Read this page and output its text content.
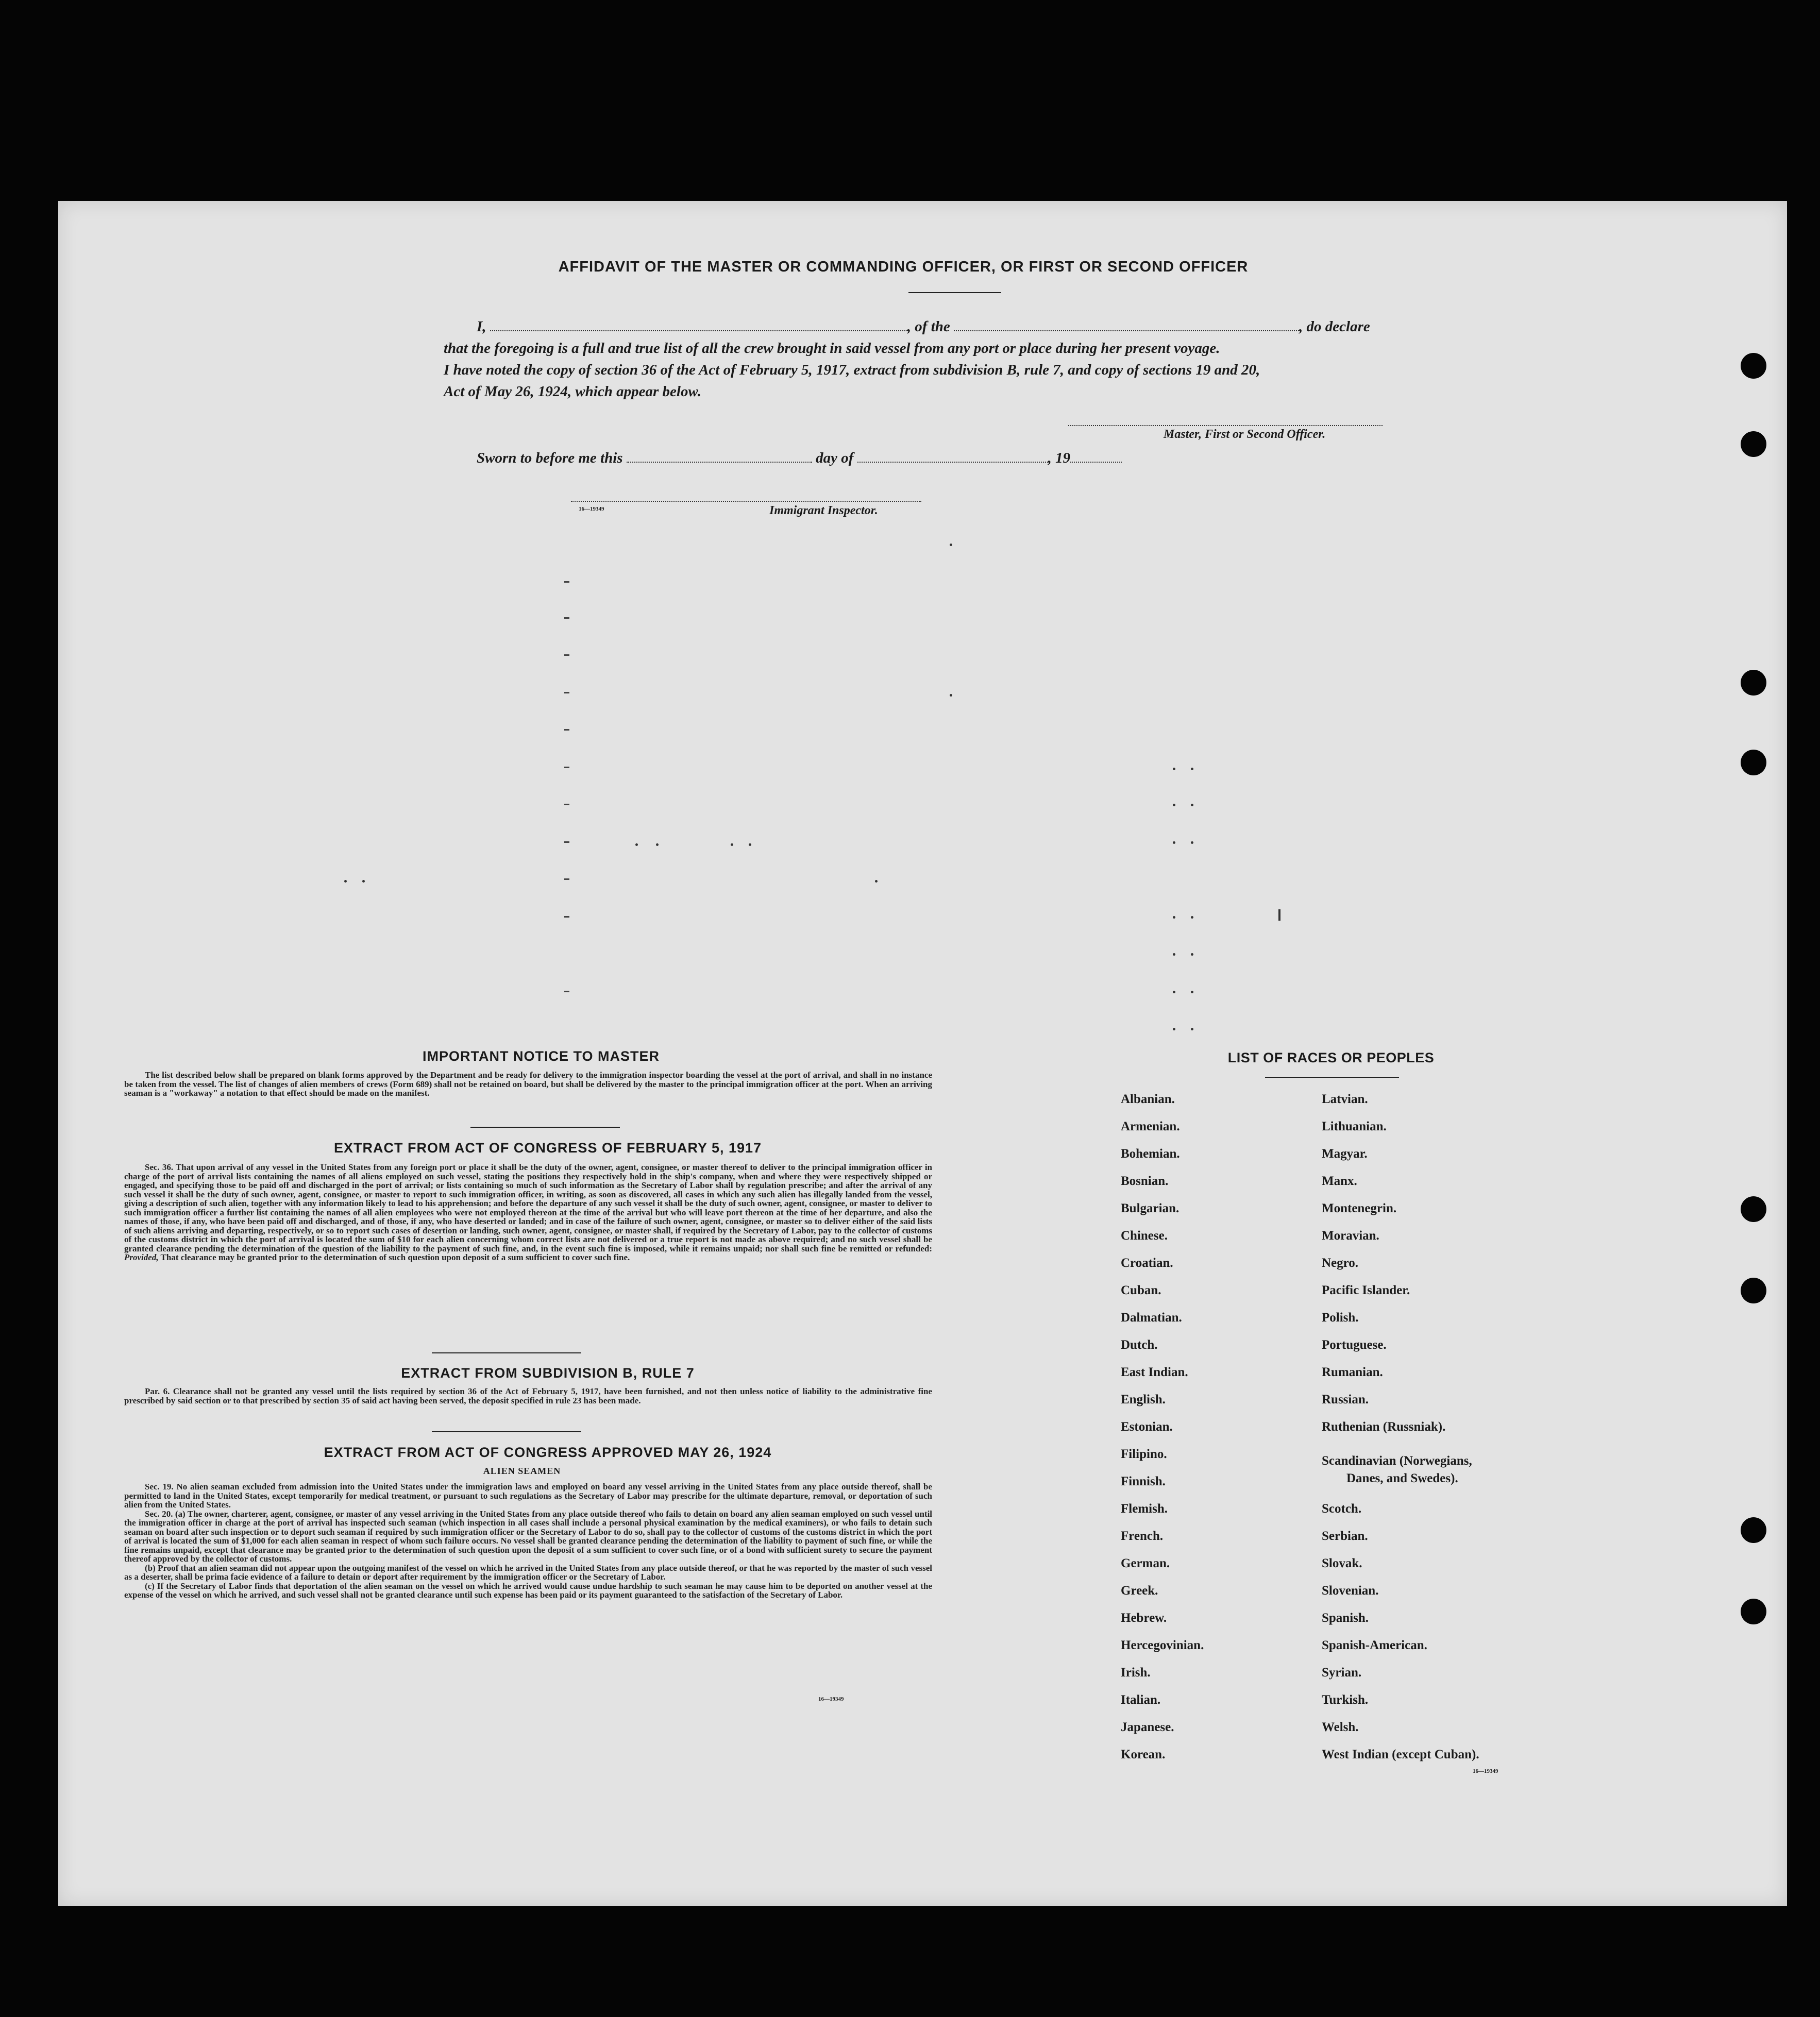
AFFIDAVIT OF THE MASTER OR COMMANDING OFFICER, OR FIRST OR SECOND OFFICER
I,	, of the	, do declare
that the foregoing is a full and true list of all the crew brought in said vessel from any port or place during her present voyage.
I have noted the copy of section 36 of the Act of February 5, 1917, extract from subdivision B, rule 7, and copy of sections 19 and 20,
Act of May 26, 1924, which appear below.
Master, First or Second Officer.
Sworn to before me this	day of	, 19
16—19349	Immigrant Inspector.
IMPORTANT NOTICE TO MASTER

The list described below shall be prepared on blank forms approved by the Department and be ready for delivery to the immigration inspector boarding the vessel at the port of arrival, and shall in no instance be taken from the vessel. The list of changes of alien members of crews (Form 689) shall not be retained on board, but shall be delivered by the master to the principal immigration officer at the port. When an arriving seaman is a "workaway" a notation to that effect should be made on the manifest.

EXTRACT FROM ACT OF CONGRESS OF FEBRUARY 5, 1917

Sec. 36. That upon arrival of any vessel in the United States from any foreign port or place it shall be the duty of the owner, agent, consignee, or master thereof to deliver to the principal immigration officer in charge of the port of arrival lists containing the names of all aliens employed on such vessel, stating the positions they respectively hold in the ship's company, when and where they were respectively shipped or engaged, and specifying those to be paid off and discharged in the port of arrival; or lists containing so much of such information as the Secretary of Labor shall by regulation prescribe; and after the arrival of any such vessel it shall be the duty of such owner, agent, consignee, or master to report to such immigration officer, in writing, as soon as discovered, all cases in which any such alien has illegally landed from the vessel, giving a description of such alien, together with any information likely to lead to his apprehension; and before the departure of any such vessel it shall be the duty of such owner, agent, consignee, or master to deliver to such immigration officer a further list containing the names of all alien employees who were not employed thereon at the time of the arrival but who will leave port thereon at the time of her departure, and also the names of those, if any, who have been paid off and discharged, and of those, if any, who have deserted or landed; and in case of the failure of such owner, agent, consignee, or master so to deliver either of the said lists of such aliens arriving and departing, respectively, or so to report such cases of desertion or landing, such owner, agent, consignee, or master shall, if required by the Secretary of Labor, pay to the collector of customs of the customs district in which the port of arrival is located the sum of $10 for each alien concerning whom correct lists are not delivered or a true report is not made as above required; and no such vessel shall be granted clearance pending the determination of the question of the liability to the payment of such fine, and, in the event such fine is imposed, while it remains unpaid; nor shall such fine be remitted or refunded: Provided, That clearance may be granted prior to the determination of such question upon deposit of a sum sufficient to cover such fine.

EXTRACT FROM SUBDIVISION B, RULE 7

Par. 6. Clearance shall not be granted any vessel until the lists required by section 36 of the Act of February 5, 1917, have been furnished, and not then unless notice of liability to the administrative fine prescribed by said section or to that prescribed by section 35 of said act having been served, the deposit specified in rule 23 has been made.

EXTRACT FROM ACT OF CONGRESS APPROVED MAY 26, 1924
ALIEN SEAMEN

Sec. 19. No alien seaman excluded from admission into the United States under the immigration laws and employed on board any vessel arriving in the United States from any place outside thereof, shall be permitted to land in the United States, except temporarily for medical treatment, or pursuant to such regulations as the Secretary of Labor may prescribe for the ultimate departure, removal, or deportation of such alien from the United States.

Sec. 20. (a) The owner, charterer, agent, consignee, or master of any vessel arriving in the United States from any place outside thereof who fails to detain on board any alien seaman employed on such vessel until the immigration officer in charge at the port of arrival has inspected such seaman (which inspection in all cases shall include a personal physical examination by the medical examiners), or who fails to detain such seaman on board after such inspection or to deport such seaman if required by such immigration officer or the Secretary of Labor to do so, shall pay to the collector of customs of the customs district in which the port of arrival is located the sum of $1,000 for each alien seaman in respect of whom such failure occurs. No vessel shall be granted clearance pending the determination of the liability to payment of such fine, or while the fine remains unpaid, except that clearance may be granted prior to the determination of such question upon the deposit of a sum sufficient to cover such fine, or of a bond with sufficient surety to secure the payment thereof approved by the collector of customs.

(b) Proof that an alien seaman did not appear upon the outgoing manifest of the vessel on which he arrived in the United States from any place outside thereof, or that he was reported by the master of such vessel as a deserter, shall be prima facie evidence of a failure to detain or deport after requirement by the immigration officer or the Secretary of Labor.

(c) If the Secretary of Labor finds that deportation of the alien seaman on the vessel on which he arrived would cause undue hardship to such seaman he may cause him to be deported on another vessel at the expense of the vessel on which he arrived, and such vessel shall not be granted clearance until such expense has been paid or its payment guaranteed to the satisfaction of the Secretary of Labor.

16—19349
LIST OF RACES OR PEOPLES
Albanian.
Armenian.
Bohemian.
Bosnian.
Bulgarian.
Chinese.
Croatian.
Cuban.
Dalmatian.
Dutch.
East Indian.
English.
Estonian.
Filipino.
Finnish.
Flemish.
French.
German.
Greek.
Hebrew.
Hercegovinian.
Irish.
Italian.
Japanese.
Korean.
Latvian.
Lithuanian.
Magyar.
Manx.
Montenegrin.
Moravian.
Negro.
Pacific Islander.
Polish.
Portuguese.
Rumanian.
Russian.
Ruthenian (Russniak).
Scandinavian (Norwegians,
Danes, and Swedes).
Scotch.
Serbian.
Slovak.
Slovenian.
Spanish.
Spanish-American.
Syrian.
Turkish.
Welsh.
West Indian (except Cuban).
16—19349
